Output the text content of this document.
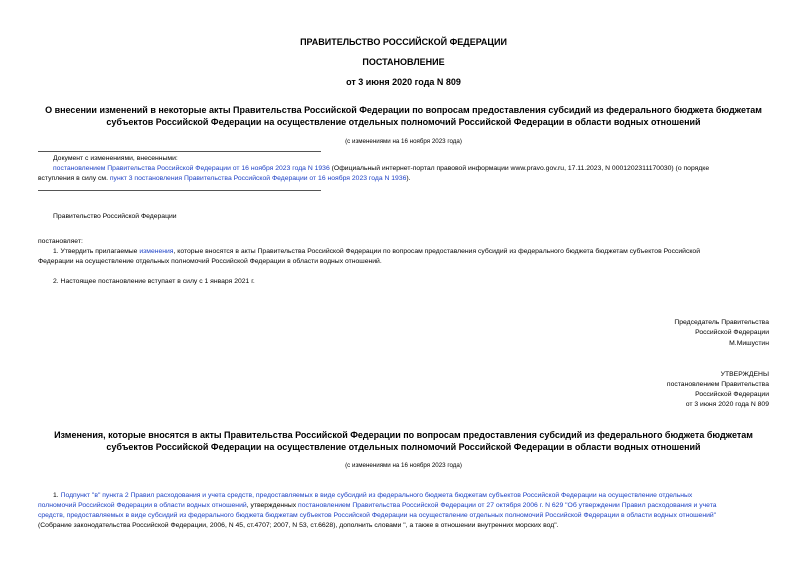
ПРАВИТЕЛЬСТВО РОССИЙСКОЙ ФЕДЕРАЦИИ
ПОСТАНОВЛЕНИЕ
от 3 июня 2020 года N 809
О внесении изменений в некоторые акты Правительства Российской Федерации по вопросам предоставления субсидий из федерального бюджета бюджетам
субъектов Российской Федерации на осуществление отдельных полномочий Российской Федерации в области водных отношений
(с изменениями на 16 ноября 2023 года)
Документ с изменениями, внесенными:
постановлением Правительства Российской Федерации от 16 ноября 2023 года N 1936 (Официальный интернет-портал правовой информации www.pravo.gov.ru, 17.11.2023, N 0001202311170030) (о порядке
вступления в силу см. пункт 3 постановления Правительства Российской Федерации от 16 ноября 2023 года N 1936).
Правительство Российской Федерации
постановляет:
1. Утвердить прилагаемые изменения, которые вносятся в акты Правительства Российской Федерации по вопросам предоставления субсидий из федерального бюджета бюджетам субъектов Российской
Федерации на осуществление отдельных полномочий Российской Федерации в области водных отношений.
2. Настоящее постановление вступает в силу с 1 января 2021 г.
Председатель Правительства
Российской Федерации
М.Мишустин
УТВЕРЖДЕНЫ
постановлением Правительства
Российской Федерации
от 3 июня 2020 года N 809
Изменения, которые вносятся в акты Правительства Российской Федерации по вопросам предоставления субсидий из федерального бюджета бюджетам
субъектов Российской Федерации на осуществление отдельных полномочий Российской Федерации в области водных отношений
(с изменениями на 16 ноября 2023 года)
1. Подпункт "в" пункта 2 Правил расходования и учета средств, предоставляемых в виде субсидий из федерального бюджета бюджетам субъектов Российской Федерации на осуществление отдельных
полномочий Российской Федерации в области водных отношений, утвержденных постановлением Правительства Российской Федерации от 27 октября 2006 г. N 629 "Об утверждении Правил расходования и учета
средств, предоставляемых в виде субсидий из федерального бюджета бюджетам субъектов Российской Федерации на осуществление отдельных полномочий Российской Федерации в области водных отношений"
(Собрание законодательства Российской Федерации, 2006, N 45, ст.4707; 2007, N 53, ст.6628), дополнить словами ", а также в отношении внутренних морских вод".
